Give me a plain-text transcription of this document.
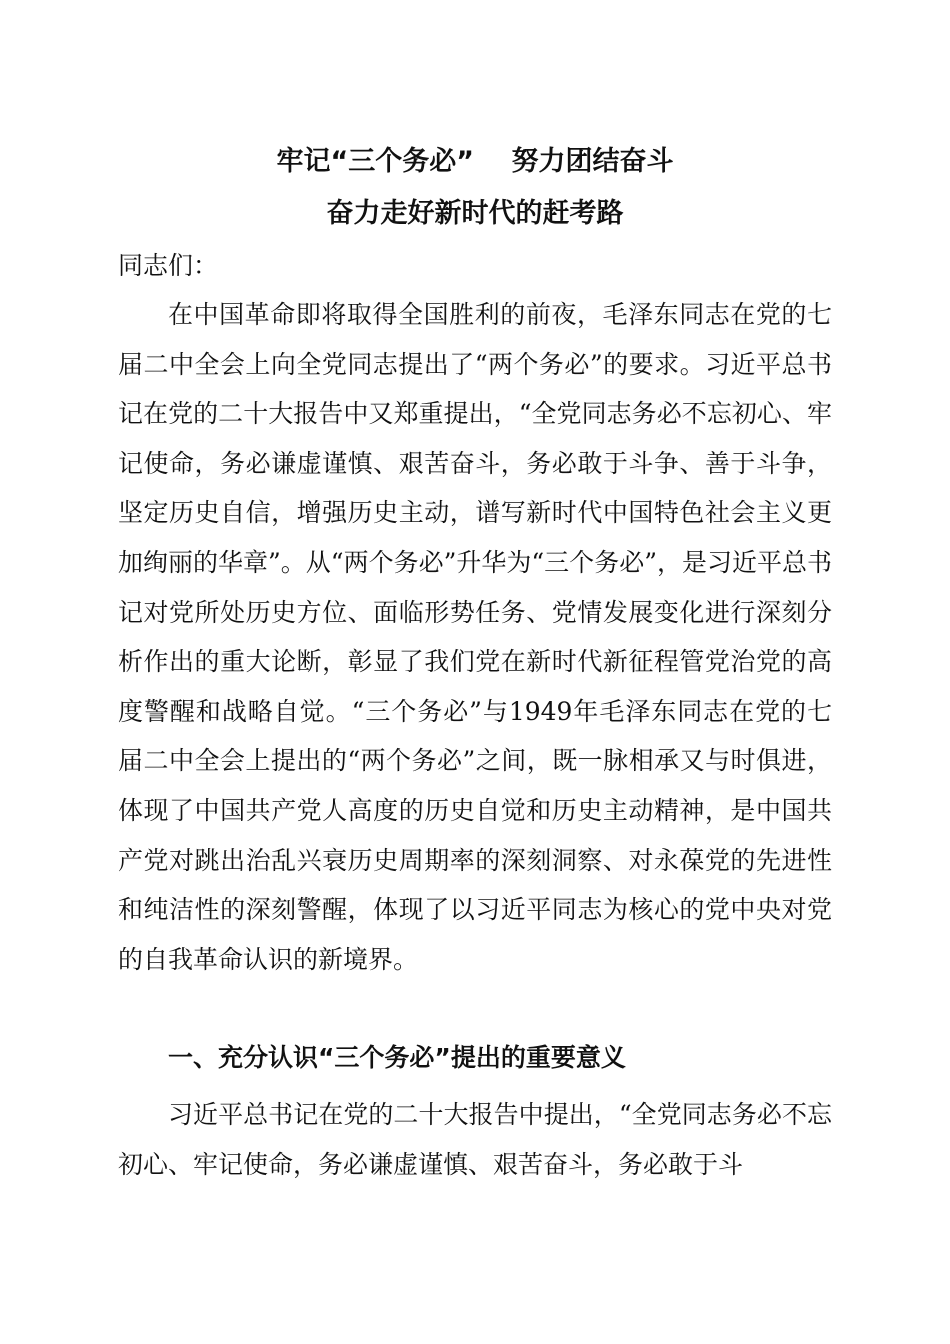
牢记“三个务必”    努力团结奋斗
奋力走好新时代的赶考路
同志们：

在中国革命即将取得全国胜利的前夜，毛泽东同志在党的七届二中全会上向全党同志提出了“两个务必”的要求。习近平总书记在党的二十大报告中又郑重提出，“全党同志务必不忘初心、牢记使命，务必谦虚谨慎、艰苦奋斗，务必敢于斗争、善于斗争，坚定历史自信，增强历史主动，谱写新时代中国特色社会主义更加绚丽的华章”。从“两个务必”升华为“三个务必”，是习近平总书记对党所处历史方位、面临形势任务、党情发展变化进行深刻分析作出的重大论断，彰显了我们党在新时代新征程管党治党的高度警醒和战略自觉。“三个务必”与1949年毛泽东同志在党的七届二中全会上提出的“两个务必”之间，既一脉相承又与时俱进，体现了中国共产党人高度的历史自觉和历史主动精神，是中国共产党对跳出治乱兴衰历史周期率的深刻洞察、对永葆党的先进性和纯洁性的深刻警醒，体现了以习近平同志为核心的党中央对党的自我革命认识的新境界。

一、充分认识“三个务必”提出的重要意义

习近平总书记在党的二十大报告中提出，“全党同志务必不忘初心、牢记使命，务必谦虚谨慎、艰苦奋斗，务必敢于斗
